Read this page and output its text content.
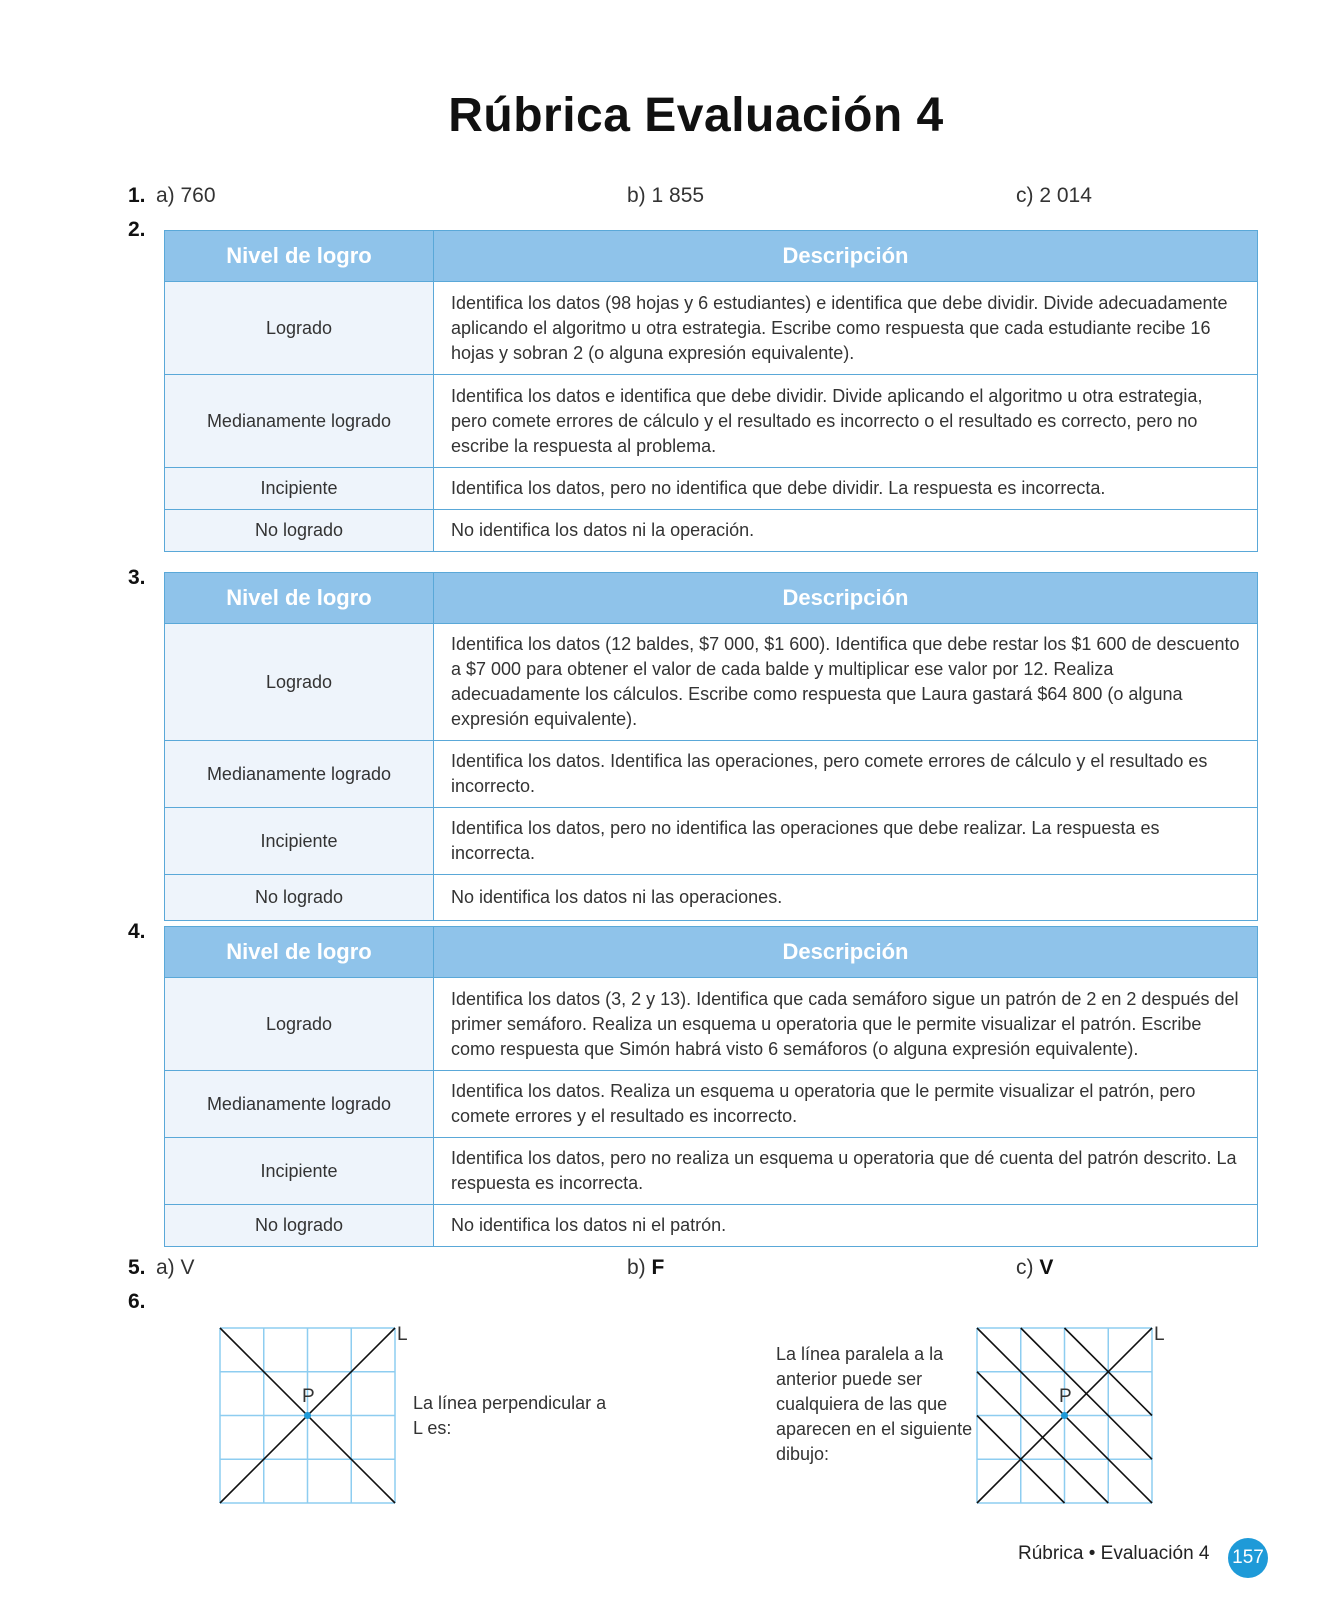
Rúbrica Evaluación 4
1. a) 760	b) 1 855	c) 2 014
2.
Nivel de logro	Descripción
Logrado	Identifica los datos (98 hojas y 6 estudiantes) e identifica que debe dividir. Divide adecuadamente aplicando el algoritmo u otra estrategia. Escribe como respuesta que cada estudiante recibe 16 hojas y sobran 2 (o alguna expresión equivalente).
Medianamente logrado	Identifica los datos e identifica que debe dividir. Divide aplicando el algoritmo u otra estrategia, pero comete errores de cálculo y el resultado es incorrecto o el resultado es correcto, pero no escribe la respuesta al problema.
Incipiente	Identifica los datos, pero no identifica que debe dividir. La respuesta es incorrecta.
No logrado	No identifica los datos ni la operación.
3.
Nivel de logro	Descripción
Logrado	Identifica los datos (12 baldes, $7 000, $1 600). Identifica que debe restar los $1 600 de descuento a $7 000 para obtener el valor de cada balde y multiplicar ese valor por 12. Realiza adecuadamente los cálculos. Escribe como respuesta que Laura gastará $64 800 (o alguna expresión equivalente).
Medianamente logrado	Identifica los datos. Identifica las operaciones, pero comete errores de cálculo y el resultado es incorrecto.
Incipiente	Identifica los datos, pero no identifica las operaciones que debe realizar. La respuesta es incorrecta.
No logrado	No identifica los datos ni las operaciones.
4.
Nivel de logro	Descripción
Logrado	Identifica los datos (3, 2 y 13). Identifica que cada semáforo sigue un patrón de 2 en 2 después del primer semáforo. Realiza un esquema u operatoria que le permite visualizar el patrón. Escribe como respuesta que Simón habrá visto 6 semáforos (o alguna expresión equivalente).
Medianamente logrado	Identifica los datos. Realiza un esquema u operatoria que le permite visualizar el patrón, pero comete errores y el resultado es incorrecto.
Incipiente	Identifica los datos, pero no realiza un esquema u operatoria que dé cuenta del patrón descrito. La respuesta es incorrecta.
No logrado	No identifica los datos ni el patrón.
5. a) V	b) F	c) V
6.
P
L
La línea perpendicular a L es:
La línea paralela a la anterior puede ser cualquiera de las que aparecen en el siguiente dibujo:
P
L
Rúbrica • Evaluación 4 157
